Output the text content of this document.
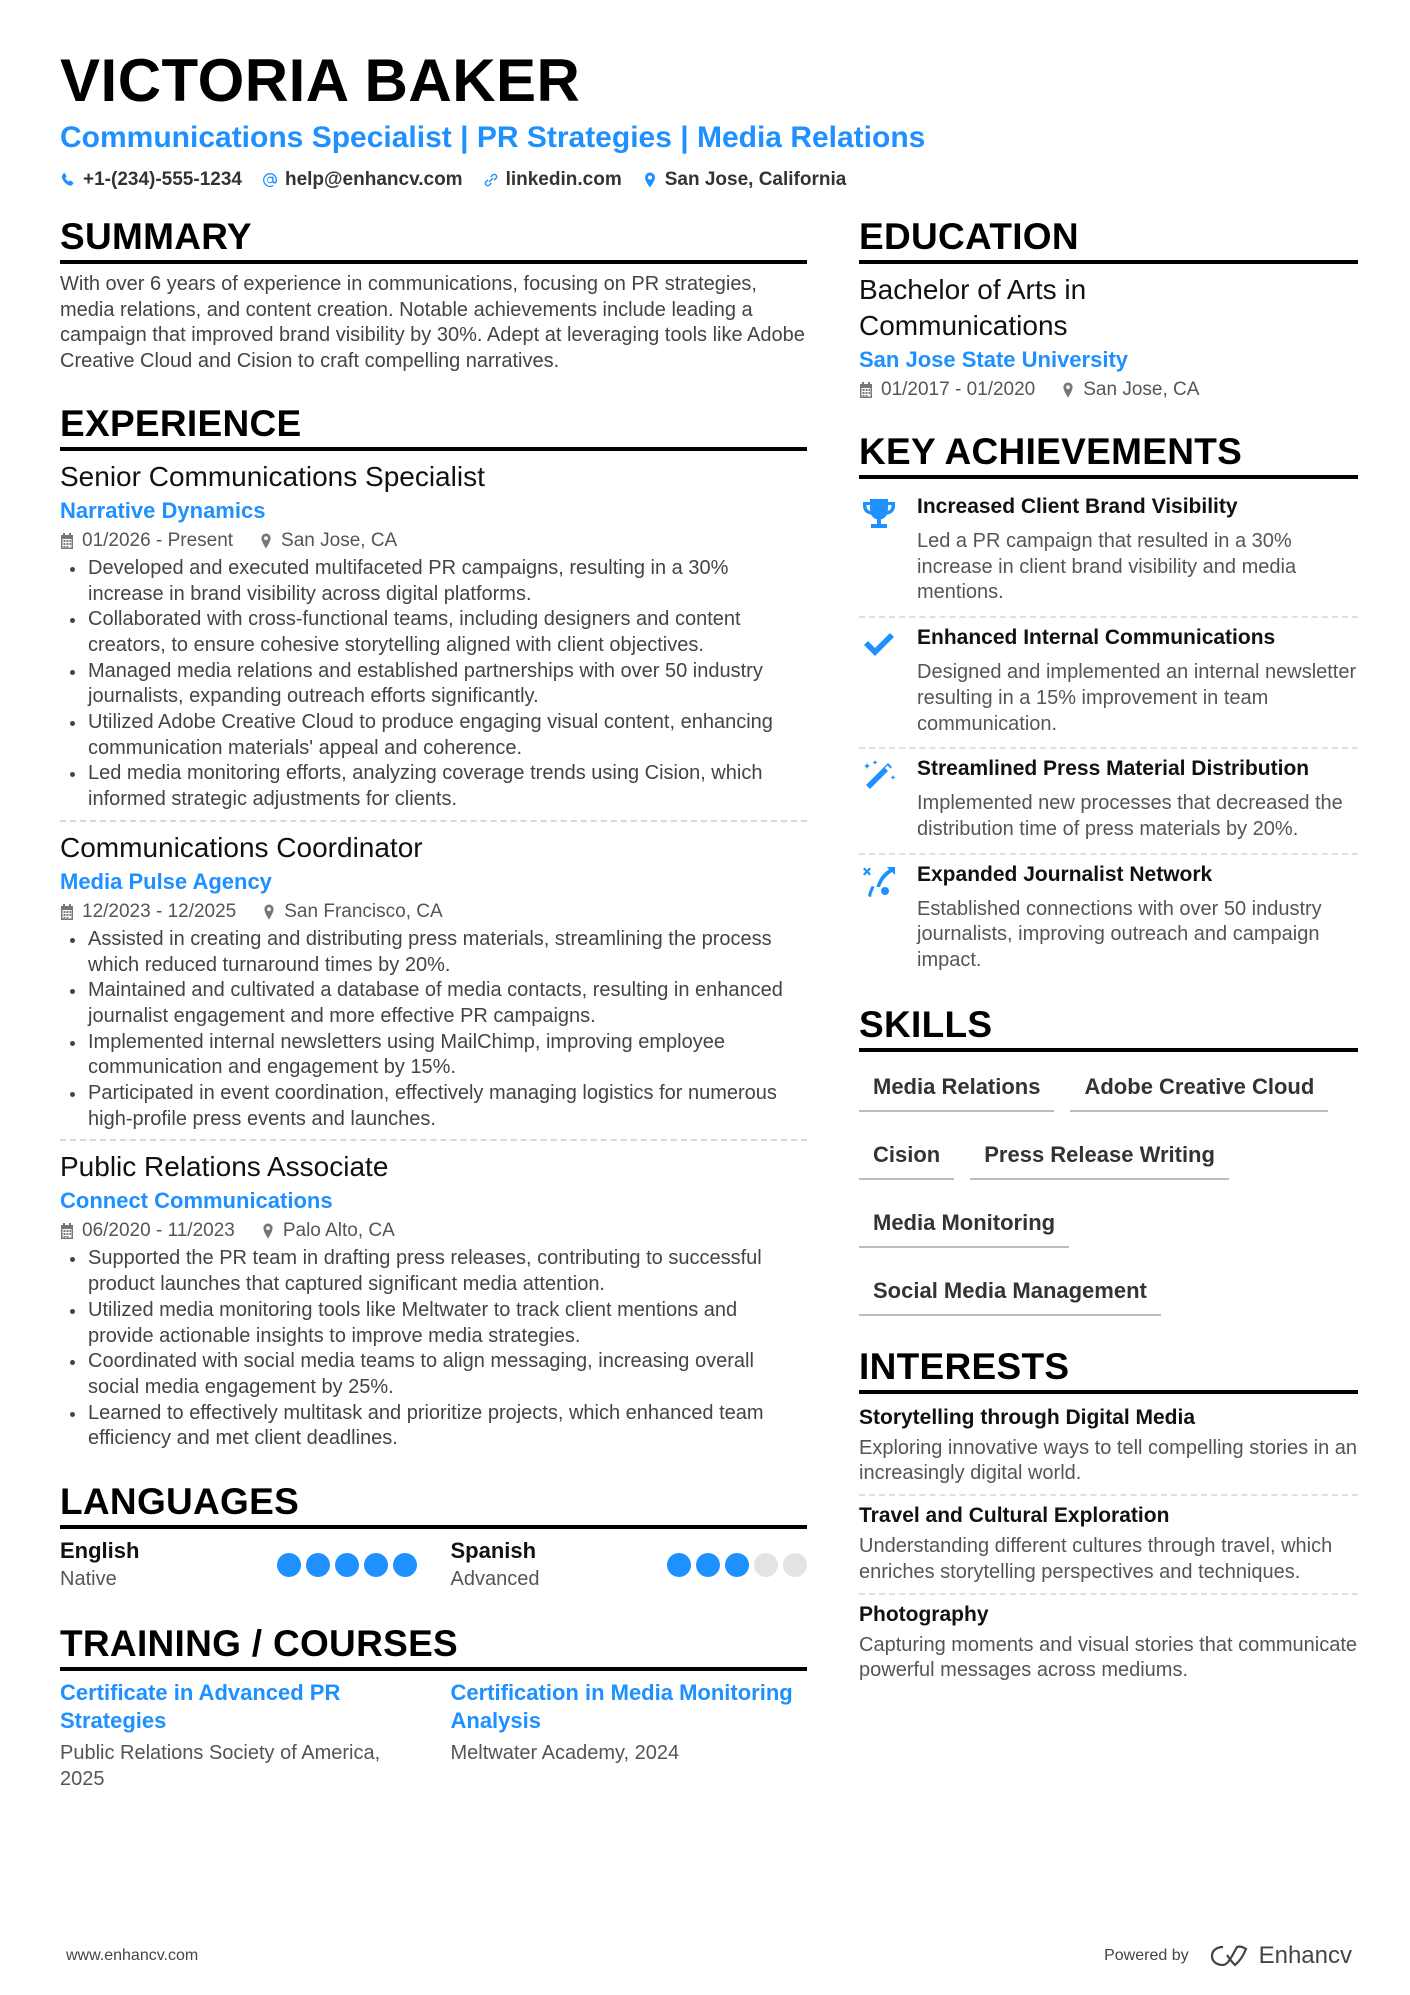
VICTORIA BAKER
Communications Specialist | PR Strategies | Media Relations
+1-(234)-555-1234 help@enhancv.com linkedin.com San Jose, California
SUMMARY
With over 6 years of experience in communications, focusing on PR strategies, media relations, and content creation. Notable achievements include leading a campaign that improved brand visibility by 30%. Adept at leveraging tools like Adobe Creative Cloud and Cision to craft compelling narratives.
EXPERIENCE
Senior Communications Specialist
Narrative Dynamics
01/2026 - Present	San Jose, CA
Developed and executed multifaceted PR campaigns, resulting in a 30% increase in brand visibility across digital platforms.
Collaborated with cross-functional teams, including designers and content creators, to ensure cohesive storytelling aligned with client objectives.
Managed media relations and established partnerships with over 50 industry journalists, expanding outreach efforts significantly.
Utilized Adobe Creative Cloud to produce engaging visual content, enhancing communication materials' appeal and coherence.
Led media monitoring efforts, analyzing coverage trends using Cision, which informed strategic adjustments for clients.
Communications Coordinator
Media Pulse Agency
12/2023 - 12/2025	San Francisco, CA
Assisted in creating and distributing press materials, streamlining the process which reduced turnaround times by 20%.
Maintained and cultivated a database of media contacts, resulting in enhanced journalist engagement and more effective PR campaigns.
Implemented internal newsletters using MailChimp, improving employee communication and engagement by 15%.
Participated in event coordination, effectively managing logistics for numerous high-profile press events and launches.
Public Relations Associate
Connect Communications
06/2020 - 11/2023	Palo Alto, CA
Supported the PR team in drafting press releases, contributing to successful product launches that captured significant media attention.
Utilized media monitoring tools like Meltwater to track client mentions and provide actionable insights to improve media strategies.
Coordinated with social media teams to align messaging, increasing overall social media engagement by 25%.
Learned to effectively multitask and prioritize projects, which enhanced team efficiency and met client deadlines.
LANGUAGES
English
Native
Spanish
Advanced
TRAINING / COURSES
Certificate in Advanced PR Strategies
Public Relations Society of America, 2025
Certification in Media Monitoring Analysis
Meltwater Academy, 2024
EDUCATION
Bachelor of Arts in Communications
San Jose State University
01/2017 - 01/2020	San Jose, CA
KEY ACHIEVEMENTS
Increased Client Brand Visibility
Led a PR campaign that resulted in a 30% increase in client brand visibility and media mentions.
Enhanced Internal Communications
Designed and implemented an internal newsletter resulting in a 15% improvement in team communication.
Streamlined Press Material Distribution
Implemented new processes that decreased the distribution time of press materials by 20%.
Expanded Journalist Network
Established connections with over 50 industry journalists, improving outreach and campaign impact.
SKILLS
Media Relations	Adobe Creative Cloud
Cision	Press Release Writing
Media Monitoring
Social Media Management
INTERESTS
Storytelling through Digital Media
Exploring innovative ways to tell compelling stories in an increasingly digital world.
Travel and Cultural Exploration
Understanding different cultures through travel, which enriches storytelling perspectives and techniques.
Photography
Capturing moments and visual stories that communicate powerful messages across mediums.
www.enhancv.com	Powered by	Enhancv
